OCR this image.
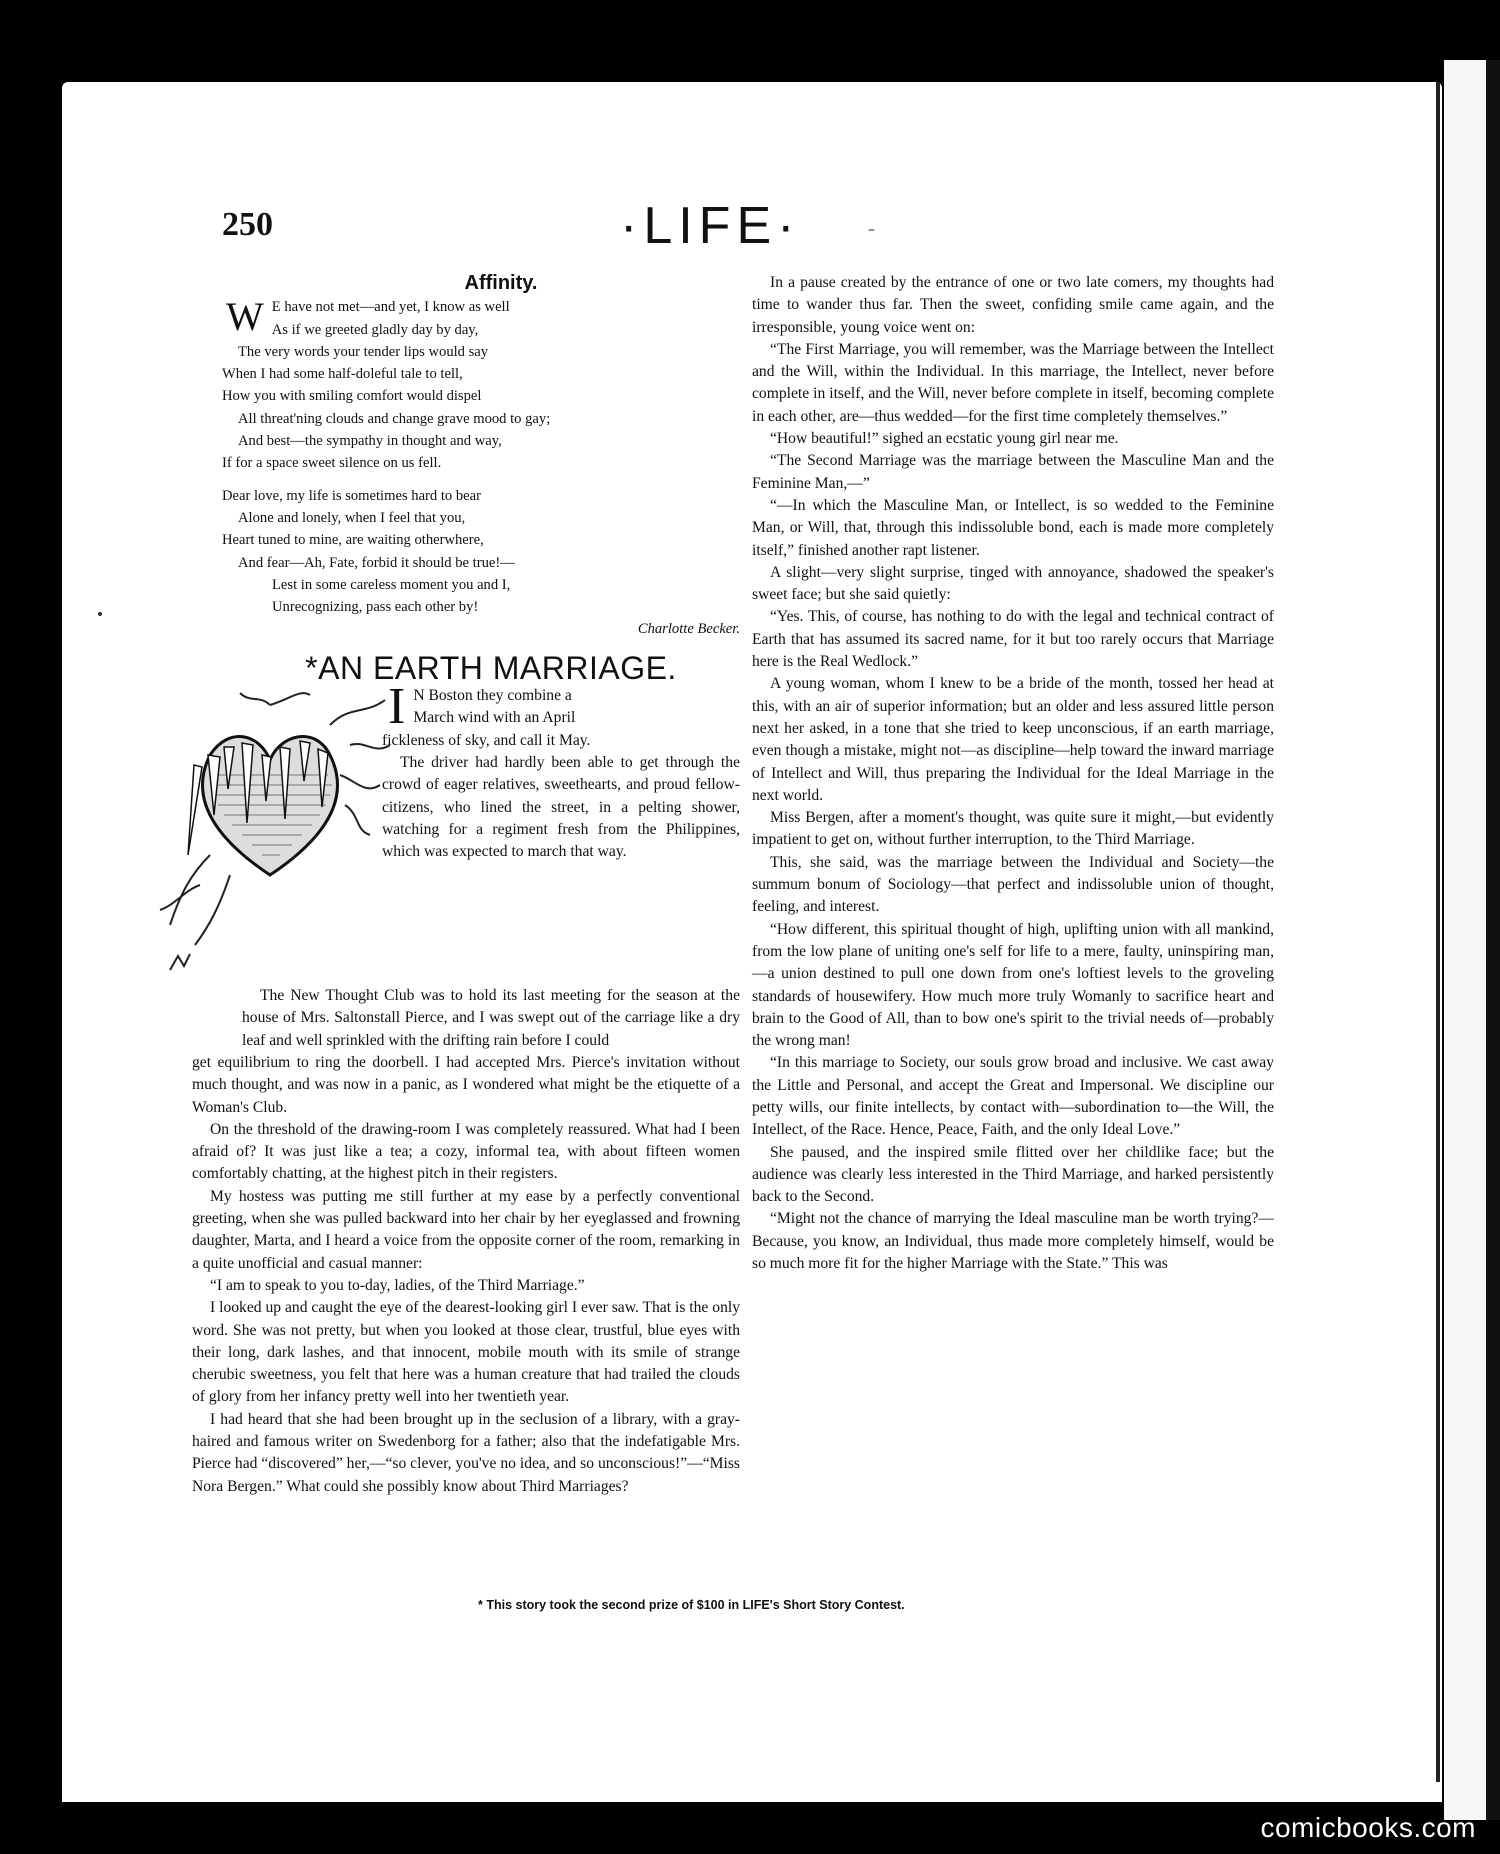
250	·LIFE·	–
Affinity.
W E have not met—and yet, I know as well
As if we greeted gladly day by day,
The very words your tender lips would say
When I had some half-doleful tale to tell,
How you with smiling comfort would dispel
All threat'ning clouds and change grave mood to gay;
And best—the sympathy in thought and way,
If for a space sweet silence on us fell.
Dear love, my life is sometimes hard to bear
Alone and lonely, when I feel that you,
Heart tuned to mine, are waiting otherwhere,
And fear—Ah, Fate, forbid it should be true!—
Lest in some careless moment you and I,
Unrecognizing, pass each other by!
Charlotte Becker.
*AN EARTH MARRIAGE.

I N Boston they combine a
March wind with an April
fickleness of sky, and call it May.

The driver had hardly been able to get through the crowd of eager relatives, sweethearts, and proud fellow-citizens, who lined the street, in a pelting shower, watching for a regiment fresh from the Philippines, which was expected to march that way.

The New Thought Club was to hold its last meeting for the season at the house of Mrs. Saltonstall Pierce, and I was swept out of the carriage like a dry leaf and well sprinkled with the drifting rain before I could

get equilibrium to ring the doorbell. I had accepted Mrs. Pierce's invitation without much thought, and was now in a panic, as I wondered what might be the etiquette of a Woman's Club.

On the threshold of the drawing-room I was completely reassured. What had I been afraid of? It was just like a tea; a cozy, informal tea, with about fifteen women comfortably chatting, at the highest pitch in their registers.

My hostess was putting me still further at my ease by a perfectly conventional greeting, when she was pulled backward into her chair by her eyeglassed and frowning daughter, Marta, and I heard a voice from the opposite corner of the room, remarking in a quite unofficial and casual manner:

“I am to speak to you to-day, ladies, of the Third Marriage.”

I looked up and caught the eye of the dearest-looking girl I ever saw. That is the only word. She was not pretty, but when you looked at those clear, trustful, blue eyes with their long, dark lashes, and that innocent, mobile mouth with its smile of strange cherubic sweetness, you felt that here was a human creature that had trailed the clouds of glory from her infancy pretty well into her twentieth year.

I had heard that she had been brought up in the seclusion of a library, with a gray-haired and famous writer on Swedenborg for a father; also that the indefatigable Mrs. Pierce had “discovered” her,—“so clever, you've no idea, and so unconscious!”—“Miss Nora Bergen.” What could she possibly know about Third Marriages?

In a pause created by the entrance of one or two late comers, my thoughts had time to wander thus far. Then the sweet, confiding smile came again, and the irresponsible, young voice went on:

“The First Marriage, you will remember, was the Marriage between the Intellect and the Will, within the Individual. In this marriage, the Intellect, never before complete in itself, and the Will, never before complete in itself, becoming complete in each other, are—thus wedded—for the first time completely themselves.”

“How beautiful!” sighed an ecstatic young girl near me.

“The Second Marriage was the marriage between the Masculine Man and the Feminine Man,—”

“—In which the Masculine Man, or Intellect, is so wedded to the Feminine Man, or Will, that, through this indissoluble bond, each is made more completely itself,” finished another rapt listener.

A slight—very slight surprise, tinged with annoyance, shadowed the speaker's sweet face; but she said quietly:

“Yes. This, of course, has nothing to do with the legal and technical contract of Earth that has assumed its sacred name, for it but too rarely occurs that Marriage here is the Real Wedlock.”

A young woman, whom I knew to be a bride of the month, tossed her head at this, with an air of superior information; but an older and less assured little person next her asked, in a tone that she tried to keep unconscious, if an earth marriage, even though a mistake, might not—as discipline—help toward the inward marriage of Intellect and Will, thus preparing the Individual for the Ideal Marriage in the next world.

Miss Bergen, after a moment's thought, was quite sure it might,—but evidently impatient to get on, without further interruption, to the Third Marriage.

This, she said, was the marriage between the Individual and Society—the summum bonum of Sociology—that perfect and indissoluble union of thought, feeling, and interest.

“How different, this spiritual thought of high, uplifting union with all mankind, from the low plane of uniting one's self for life to a mere, faulty, uninspiring man,—a union destined to pull one down from one's loftiest levels to the groveling standards of housewifery. How much more truly Womanly to sacrifice heart and brain to the Good of All, than to bow one's spirit to the trivial needs of—probably the wrong man!

“In this marriage to Society, our souls grow broad and inclusive. We cast away the Little and Personal, and accept the Great and Impersonal. We discipline our petty wills, our finite intellects, by contact with—subordination to—the Will, the Intellect, of the Race. Hence, Peace, Faith, and the only Ideal Love.”

She paused, and the inspired smile flitted over her childlike face; but the audience was clearly less interested in the Third Marriage, and harked persistently back to the Second.

“Might not the chance of marrying the Ideal masculine man be worth trying?—Because, you know, an Individual, thus made more completely himself, would be so much more fit for the higher Marriage with the State.” This was

* This story took the second prize of $100 in LIFE's Short Story Contest.
comicbooks.com
